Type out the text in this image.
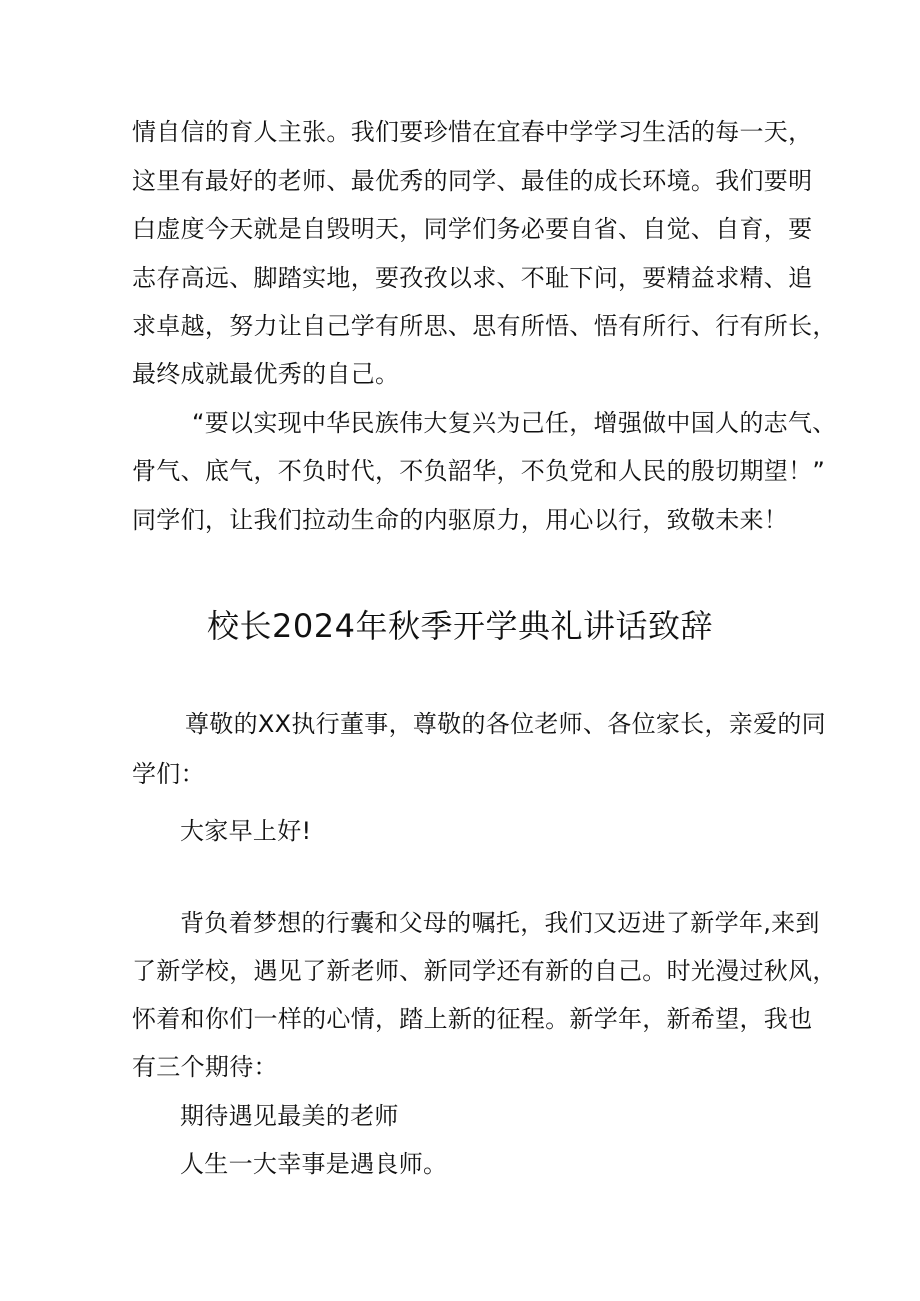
情自信的育人主张。我们要珍惜在宜春中学学习生活的每一天，
这里有最好的老师、最优秀的同学、最佳的成长环境。我们要明
白虚度今天就是自毁明天，同学们务必要自省、自觉、自育，要
志存高远、脚踏实地，要孜孜以求、不耻下问，要精益求精、追
求卓越，努力让自己学有所思、思有所悟、悟有所行、行有所长，
最终成就最优秀的自己。
“要以实现中华民族伟大复兴为己任，增强做中国人的志气、
骨气、底气，不负时代，不负韶华，不负党和人民的殷切期望！”
同学们，让我们拉动生命的内驱原力，用心以行，致敬未来！
校长2024年秋季开学典礼讲话致辞
尊敬的XX执行董事，尊敬的各位老师、各位家长，亲爱的同
学们：
大家早上好!
背负着梦想的行囊和父母的嘱托，我们又迈进了新学年,来到
了新学校，遇见了新老师、新同学还有新的自己。时光漫过秋风，
怀着和你们一样的心情，踏上新的征程。新学年，新希望，我也
有三个期待：
期待遇见最美的老师
人生一大幸事是遇良师。
